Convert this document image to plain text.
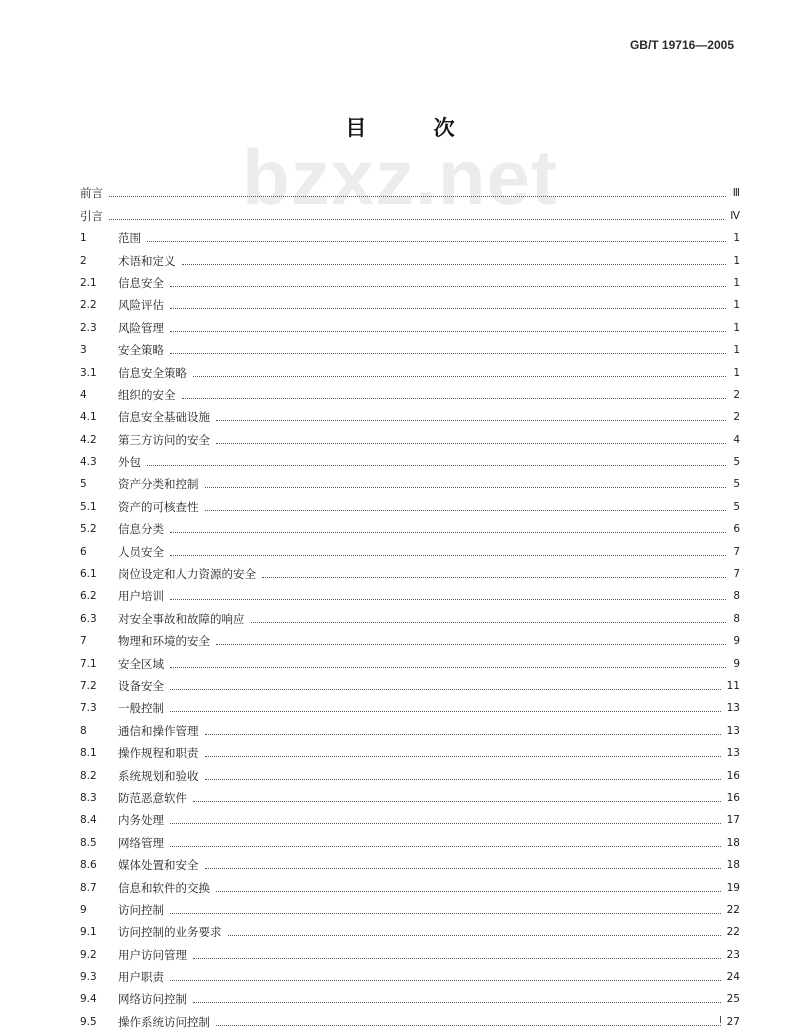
GB/T 19716—2005
bzxz.net
目 次
前言	Ⅲ
引言	Ⅳ
1	范围	1
2	术语和定义	1
2.1	信息安全	1
2.2	风险评估	1
2.3	风险管理	1
3	安全策略	1
3.1	信息安全策略	1
4	组织的安全	2
4.1	信息安全基础设施	2
4.2	第三方访问的安全	4
4.3	外包	5
5	资产分类和控制	5
5.1	资产的可核查性	5
5.2	信息分类	6
6	人员安全	7
6.1	岗位设定和人力资源的安全	7
6.2	用户培训	8
6.3	对安全事故和故障的响应	8
7	物理和环境的安全	9
7.1	安全区域	9
7.2	设备安全	11
7.3	一般控制	13
8	通信和操作管理	13
8.1	操作规程和职责	13
8.2	系统规划和验收	16
8.3	防范恶意软件	16
8.4	内务处理	17
8.5	网络管理	18
8.6	媒体处置和安全	18
8.7	信息和软件的交换	19
9	访问控制	22
9.1	访问控制的业务要求	22
9.2	用户访问管理	23
9.3	用户职责	24
9.4	网络访问控制	25
9.5	操作系统访问控制	27
I
